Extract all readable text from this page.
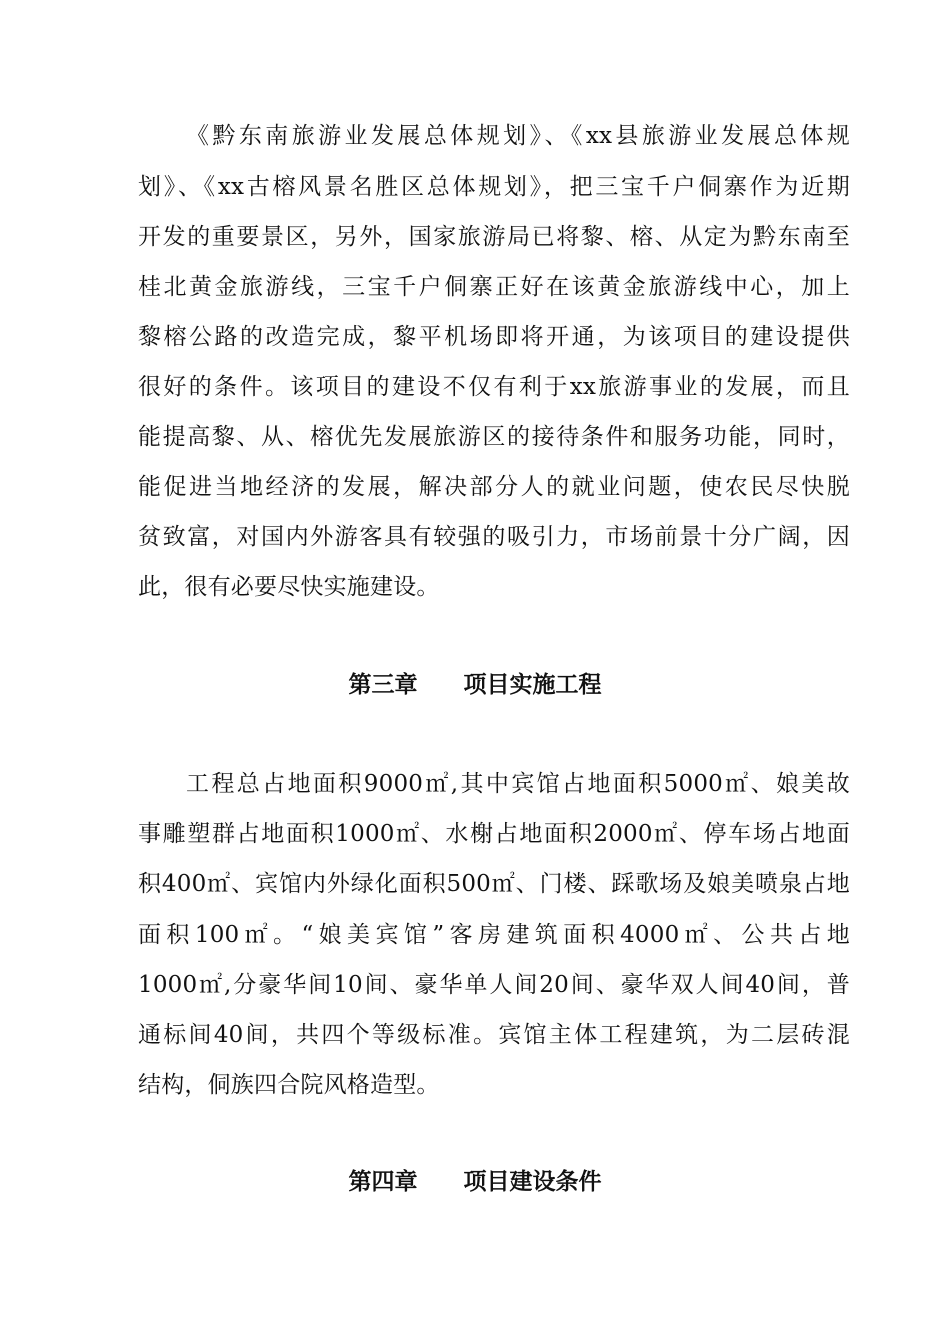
《黔东南旅游业发展总体规划》、《xx县旅游业发展总体规
划》、《xx古榕风景名胜区总体规划》，把三宝千户侗寨作为近期
开发的重要景区，另外，国家旅游局已将黎、榕、从定为黔东南至
桂北黄金旅游线，三宝千户侗寨正好在该黄金旅游线中心，加上
黎榕公路的改造完成，黎平机场即将开通，为该项目的建设提供
很好的条件。该项目的建设不仅有利于xx旅游事业的发展，而且
能提高黎、从、榕优先发展旅游区的接待条件和服务功能，同时，
能促进当地经济的发展，解决部分人的就业问题，使农民尽快脱
贫致富，对国内外游客具有较强的吸引力，市场前景十分广阔，因
此，很有必要尽快实施建设。
第三章　　项目实施工程
工程总占地面积9000㎡,其中宾馆占地面积5000㎡、娘美故
事雕塑群占地面积1000㎡、水榭占地面积2000㎡、停车场占地面
积400㎡、宾馆内外绿化面积500㎡、门楼、踩歌场及娘美喷泉占地
面积100㎡。“娘美宾馆”客房建筑面积4000㎡、公共占地
1000㎡,分豪华间10间、豪华单人间20间、豪华双人间40间，普
通标间40间，共四个等级标准。宾馆主体工程建筑，为二层砖混
结构，侗族四合院风格造型。
第四章　　项目建设条件
